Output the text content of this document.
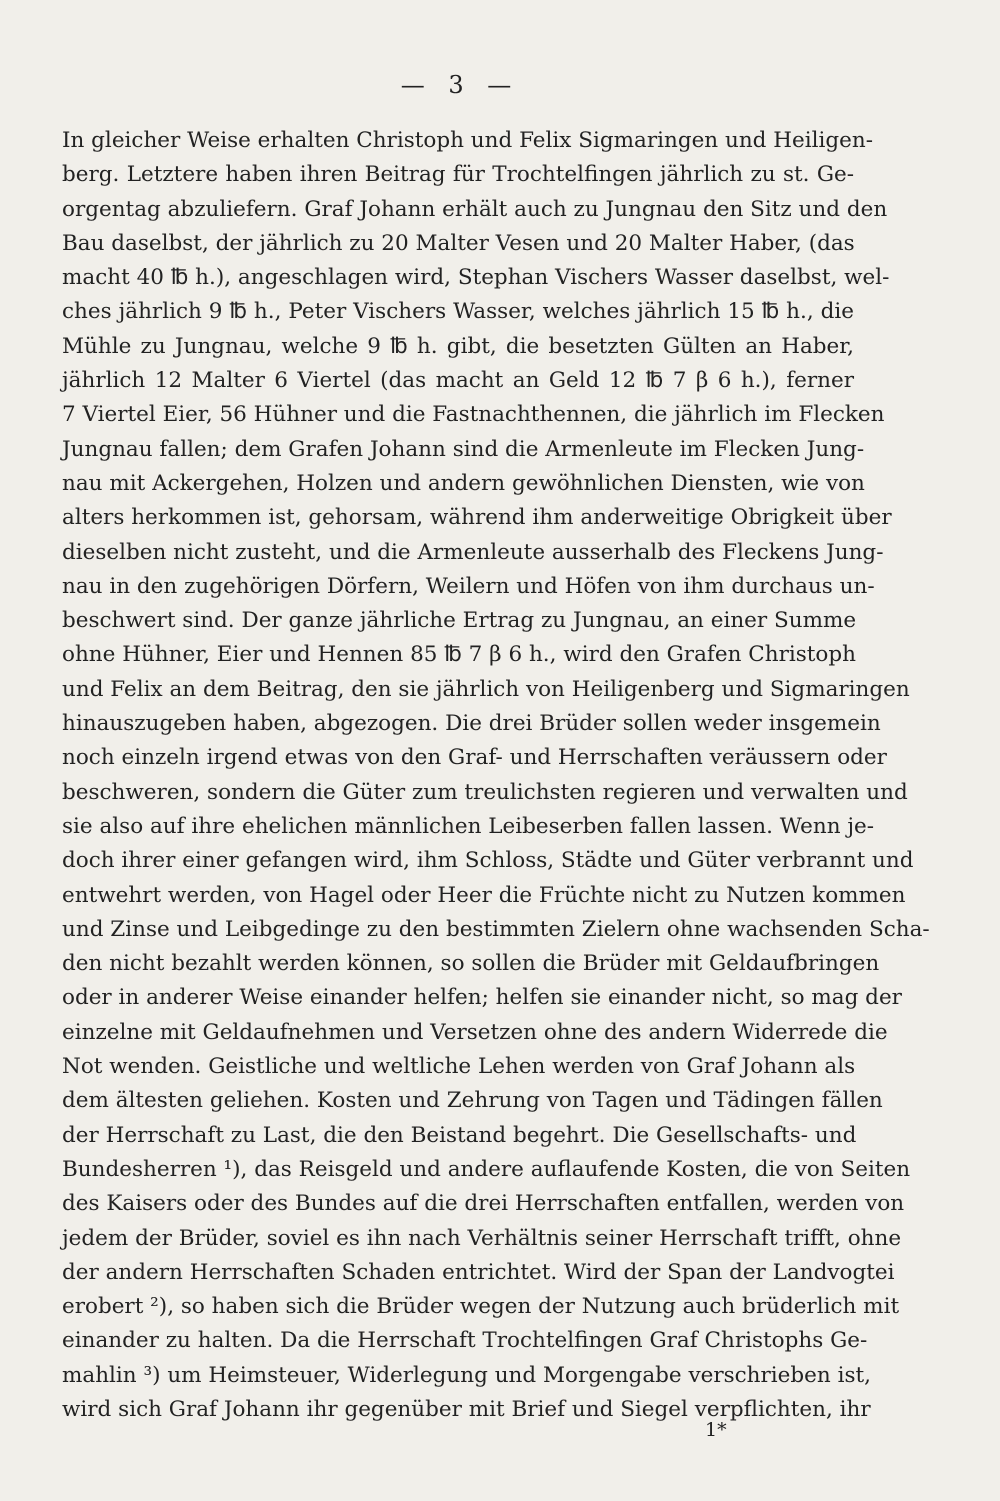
— 3 —
In gleicher Weise erhalten Christoph und Felix Sigmaringen und Heiligen-
berg. Letztere haben ihren Beitrag für Trochtelfingen jährlich zu st. Ge-
orgentag abzuliefern. Graf Johann erhält auch zu Jungnau den Sitz und den
Bau daselbst, der jährlich zu 20 Malter Vesen und 20 Malter Haber, (das
macht 40 ℔ h.), angeschlagen wird, Stephan Vischers Wasser daselbst, wel-
ches jährlich 9 ℔ h., Peter Vischers Wasser, welches jährlich 15 ℔ h., die
Mühle zu Jungnau, welche 9 ℔ h. gibt, die besetzten Gülten an Haber,
jährlich 12 Malter 6 Viertel (das macht an Geld 12 ℔ 7 β 6 h.), ferner
7 Viertel Eier, 56 Hühner und die Fastnachthennen, die jährlich im Flecken
Jungnau fallen; dem Grafen Johann sind die Armenleute im Flecken Jung-
nau mit Ackergehen, Holzen und andern gewöhnlichen Diensten, wie von
alters herkommen ist, gehorsam, während ihm anderweitige Obrigkeit über
dieselben nicht zusteht, und die Armenleute ausserhalb des Fleckens Jung-
nau in den zugehörigen Dörfern, Weilern und Höfen von ihm durchaus un-
beschwert sind. Der ganze jährliche Ertrag zu Jungnau, an einer Summe
ohne Hühner, Eier und Hennen 85 ℔ 7 β 6 h., wird den Grafen Christoph
und Felix an dem Beitrag, den sie jährlich von Heiligenberg und Sigmaringen
hinauszugeben haben, abgezogen. Die drei Brüder sollen weder insgemein
noch einzeln irgend etwas von den Graf- und Herrschaften veräussern oder
beschweren, sondern die Güter zum treulichsten regieren und verwalten und
sie also auf ihre ehelichen männlichen Leibeserben fallen lassen. Wenn je-
doch ihrer einer gefangen wird, ihm Schloss, Städte und Güter verbrannt und
entwehrt werden, von Hagel oder Heer die Früchte nicht zu Nutzen kommen
und Zinse und Leibgedinge zu den bestimmten Zielern ohne wachsenden Scha-
den nicht bezahlt werden können, so sollen die Brüder mit Geldaufbringen
oder in anderer Weise einander helfen; helfen sie einander nicht, so mag der
einzelne mit Geldaufnehmen und Versetzen ohne des andern Widerrede die
Not wenden. Geistliche und weltliche Lehen werden von Graf Johann als
dem ältesten geliehen. Kosten und Zehrung von Tagen und Tädingen fällen
der Herrschaft zu Last, die den Beistand begehrt. Die Gesellschafts- und
Bundesherren ¹), das Reisgeld und andere auflaufende Kosten, die von Seiten
des Kaisers oder des Bundes auf die drei Herrschaften entfallen, werden von
jedem der Brüder, soviel es ihn nach Verhältnis seiner Herrschaft trifft, ohne
der andern Herrschaften Schaden entrichtet. Wird der Span der Landvogtei
erobert ²), so haben sich die Brüder wegen der Nutzung auch brüderlich mit
einander zu halten. Da die Herrschaft Trochtelfingen Graf Christophs Ge-
mahlin ³) um Heimsteuer, Widerlegung und Morgengabe verschrieben ist,
wird sich Graf Johann ihr gegenüber mit Brief und Siegel verpflichten, ihr
1*
